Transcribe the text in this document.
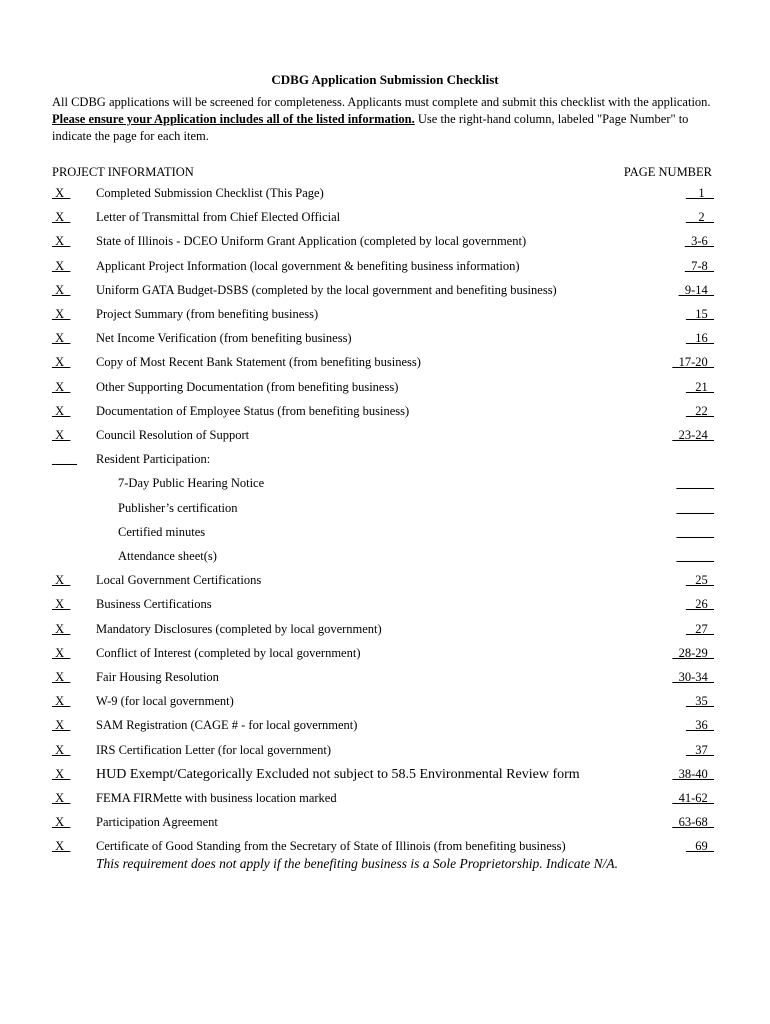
CDBG Application Submission Checklist
All CDBG applications will be screened for completeness. Applicants must complete and submit this checklist with the application. Please ensure your Application includes all of the listed information. Use the right-hand column, labeled "Page Number" to indicate the page for each item.
PROJECT INFORMATION	PAGE NUMBER
X	Completed Submission Checklist (This Page)	1
X	Letter of Transmittal from Chief Elected Official	2
X	State of Illinois - DCEO Uniform Grant Application (completed by local government)	3-6
X	Applicant Project Information (local government & benefiting business information)	7-8
X	Uniform GATA Budget-DSBS (completed by the local government and benefiting business)	9-14
X	Project Summary (from benefiting business)	15
X	Net Income Verification (from benefiting business)	16
X	Copy of Most Recent Bank Statement (from benefiting business)	17-20
X	Other Supporting Documentation (from benefiting business)	21
X	Documentation of Employee Status (from benefiting business)	22
X	Council Resolution of Support	23-24
____ Resident Participation:
7-Day Public Hearing Notice	______
Publisher’s certification	______
Certified minutes	______
Attendance sheet(s)	______
X	Local Government Certifications	25
X	Business Certifications	26
X	Mandatory Disclosures (completed by local government)	27
X	Conflict of Interest (completed by local government)	28-29
X	Fair Housing Resolution	30-34
X	W-9 (for local government)	35
X	SAM Registration (CAGE # - for local government)	36
X	IRS Certification Letter (for local government)	37
X	HUD Exempt/Categorically Excluded not subject to 58.5 Environmental Review form	38-40
X	FEMA FIRMette with business location marked	41-62
X	Participation Agreement	63-68
X	Certificate of Good Standing from the Secretary of State of Illinois (from benefiting business)	69
This requirement does not apply if the benefiting business is a Sole Proprietorship. Indicate N/A.
